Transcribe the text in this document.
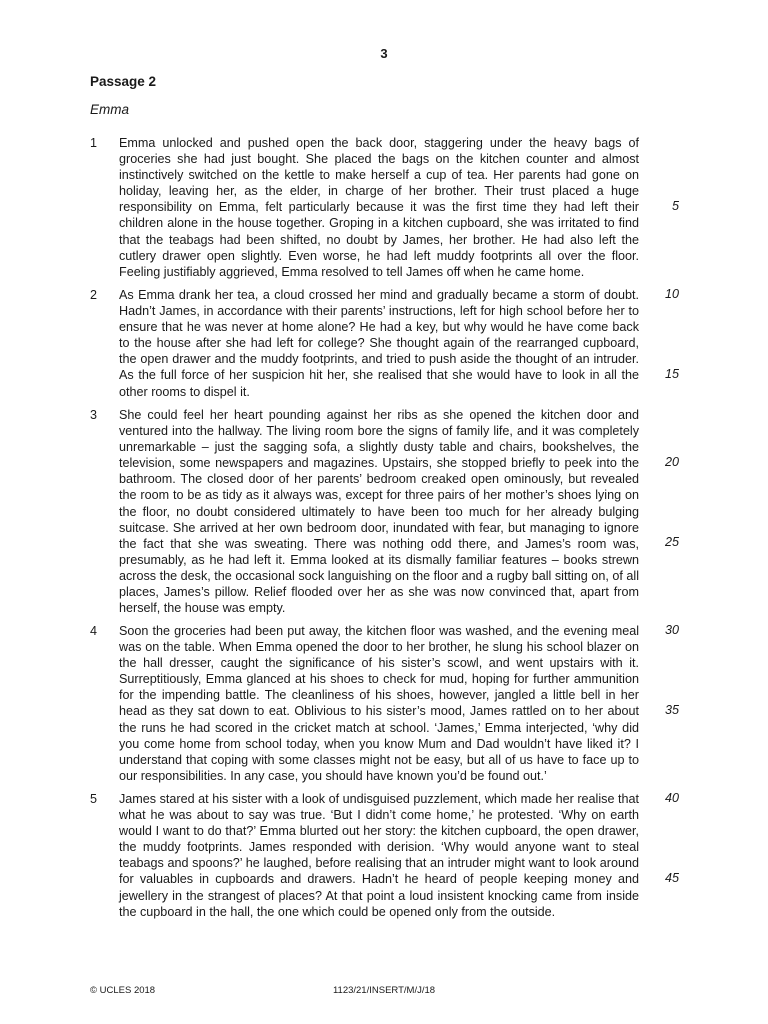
3
Passage 2
Emma
1 Emma unlocked and pushed open the back door, staggering under the heavy bags of groceries she had just bought. She placed the bags on the kitchen counter and almost instinctively switched on the kettle to make herself a cup of tea. Her parents had gone on holiday, leaving her, as the elder, in charge of her brother. Their trust placed a huge responsibility on Emma, felt particularly because it was the first time they had left their children alone in the house together. Groping in a kitchen cupboard, she was irritated to find that the teabags had been shifted, no doubt by James, her brother. He had also left the cutlery drawer open slightly. Even worse, he had left muddy footprints all over the floor. Feeling justifiably aggrieved, Emma resolved to tell James off when he came home.
2 As Emma drank her tea, a cloud crossed her mind and gradually became a storm of doubt. Hadn’t James, in accordance with their parents’ instructions, left for high school before her to ensure that he was never at home alone? He had a key, but why would he have come back to the house after she had left for college? She thought again of the rearranged cupboard, the open drawer and the muddy footprints, and tried to push aside the thought of an intruder. As the full force of her suspicion hit her, she realised that she would have to look in all the other rooms to dispel it.
3 She could feel her heart pounding against her ribs as she opened the kitchen door and ventured into the hallway. The living room bore the signs of family life, and it was completely unremarkable – just the sagging sofa, a slightly dusty table and chairs, bookshelves, the television, some newspapers and magazines. Upstairs, she stopped briefly to peek into the bathroom. The closed door of her parents’ bedroom creaked open ominously, but revealed the room to be as tidy as it always was, except for three pairs of her mother’s shoes lying on the floor, no doubt considered ultimately to have been too much for her already bulging suitcase. She arrived at her own bedroom door, inundated with fear, but managing to ignore the fact that she was sweating. There was nothing odd there, and James’s room was, presumably, as he had left it. Emma looked at its dismally familiar features – books strewn across the desk, the occasional sock languishing on the floor and a rugby ball sitting on, of all places, James’s pillow. Relief flooded over her as she was now convinced that, apart from herself, the house was empty.
4 Soon the groceries had been put away, the kitchen floor was washed, and the evening meal was on the table. When Emma opened the door to her brother, he slung his school blazer on the hall dresser, caught the significance of his sister’s scowl, and went upstairs with it. Surreptitiously, Emma glanced at his shoes to check for mud, hoping for further ammunition for the impending battle. The cleanliness of his shoes, however, jangled a little bell in her head as they sat down to eat. Oblivious to his sister’s mood, James rattled on to her about the runs he had scored in the cricket match at school. ‘James,’ Emma interjected, ‘why did you come home from school today, when you know Mum and Dad wouldn’t have liked it? I understand that coping with some classes might not be easy, but all of us have to face up to our responsibilities. In any case, you should have known you’d be found out.’
5 James stared at his sister with a look of undisguised puzzlement, which made her realise that what he was about to say was true. ‘But I didn’t come home,’ he protested. ‘Why on earth would I want to do that?’ Emma blurted out her story: the kitchen cupboard, the open drawer, the muddy footprints. James responded with derision. ‘Why would anyone want to steal teabags and spoons?’ he laughed, before realising that an intruder might want to look around for valuables in cupboards and drawers. Hadn’t he heard of people keeping money and jewellery in the strangest of places? At that point a loud insistent knocking came from inside the cupboard in the hall, the one which could be opened only from the outside.
5
10
15
20
25
30
35
40
45
© UCLES 2018	1123/21/INSERT/M/J/18
